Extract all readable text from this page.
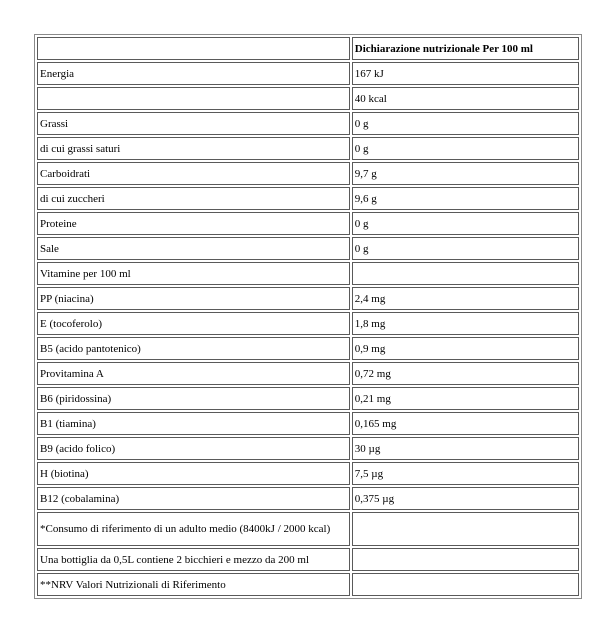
	Dichiarazione nutrizionale Per 100 ml
Energia	167 kJ
	40 kcal
Grassi	0 g
di cui grassi saturi	0 g
Carboidrati	9,7 g
di cui zuccheri	9,6 g
Proteine	0 g
Sale	0 g
Vitamine per 100 ml	
PP (niacina)	2,4 mg
E (tocoferolo)	1,8 mg
B5 (acido pantotenico)	0,9 mg
Provitamina A	0,72 mg
B6 (piridossina)	0,21 mg
B1 (tiamina)	0,165 mg
B9 (acido folico)	30 µg
H (biotina)	7,5 µg
B12 (cobalamina)	0,375 µg
*Consumo di riferimento di un adulto medio (8400kJ / 2000 kcal)	
Una bottiglia da 0,5L contiene 2 bicchieri e mezzo da 200 ml	
**NRV Valori Nutrizionali di Riferimento	
